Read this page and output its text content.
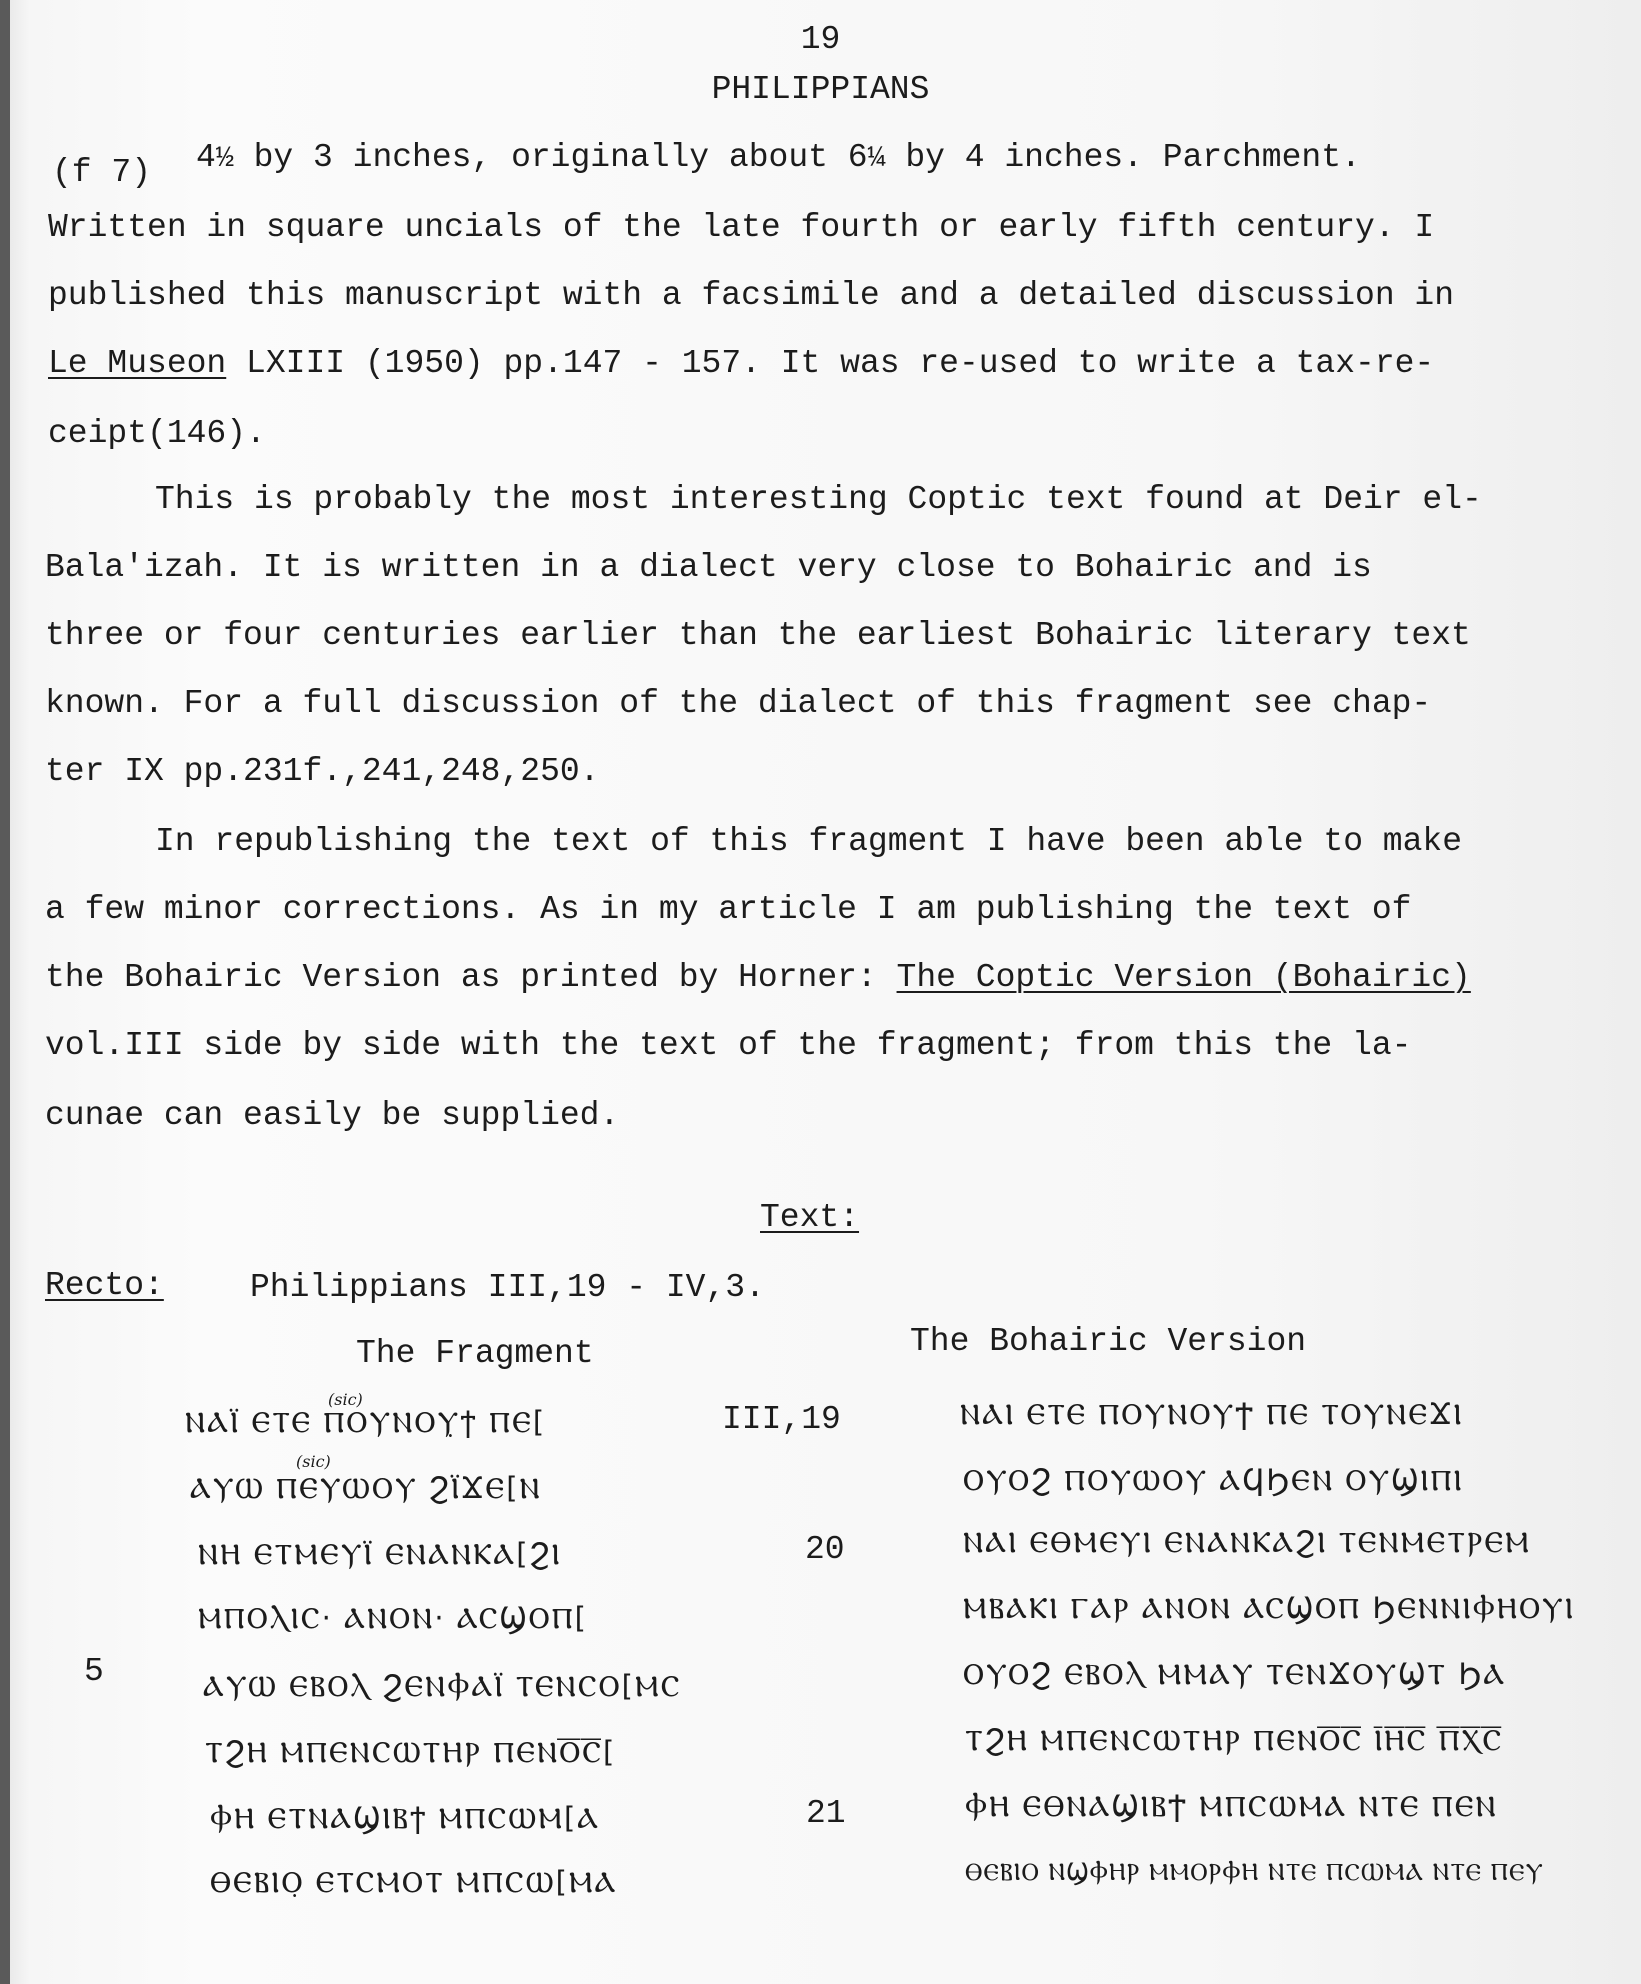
19
PHILIPPIANS
(f 7) 4½ by 3 inches, originally about 6¼ by 4 inches. Parchment.
Written in square uncials of the late fourth or early fifth century. I
published this manuscript with a facsimile and a detailed discussion in
Le Museon LXIII (1950) pp.147 - 157. It was re-used to write a tax-re-
ceipt(146).
This is probably the most interesting Coptic text found at Deir el-
Bala'izah. It is written in a dialect very close to Bohairic and is
three or four centuries earlier than the earliest Bohairic literary text
known. For a full discussion of the dialect of this fragment see chap-
ter IX pp.231f.,241,248,250.
In republishing the text of this fragment I have been able to make
a few minor corrections. As in my article I am publishing the text of
the Bohairic Version as printed by Horner: The Coptic Version (Bohairic)
vol.III side by side with the text of the fragment; from this the la-
cunae can easily be supplied.
Text:
Recto:	Philippians III,19 - IV,3.
The Fragment	The Bohairic Version
(sic)
(sic)
ⲚⲀⲒ̈ ⲈⲦⲈ ⲠⲞⲨⲚⲞⲨ̣ϯ ⲠⲈ[	III,19	ⲚⲀⲒ ⲈⲦⲈ ⲠⲞⲨⲚⲞⲨϮ ⲠⲈ ⲦⲞⲨⲚⲈϪⲒ
ⲀⲨⲰ ⲠⲈⲨⲰⲞⲨ ϨⲒ̈ϪⲈ[Ⲛ	ⲞⲨⲞϨ ⲠⲞⲨⲰⲞⲨ ⲀϤϦⲈⲚ ⲞⲨϢⲒⲠⲒ
ⲚⲎ ⲈⲦⲘⲈⲨⲒ̈ ⲈⲚⲀⲚⲔⲀ[ϨⲒ	20	ⲚⲀⲒ ⲈⲐⲘⲈⲨⲒ ⲈⲚⲀⲚⲔⲀϨⲒ ⲦⲈⲚⲘⲈⲦⲢⲈⲘ
ⲘⲠⲞⲖⲒⲤ· ⲀⲚⲞⲚ· ⲀⲤϢⲞⲠ[	ⲘⲂⲀⲔⲒ ⲄⲀⲢ ⲀⲚⲞⲚ ⲀⲤϢⲞⲠ ϦⲈⲚⲚⲒⲪⲎⲞⲨⲒ
5	ⲀⲨⲰ ⲈⲂⲞⲖ ϨⲈⲚⲪⲀⲒ̈ ⲦⲈⲚⲤⲞ[ⲘⲤ	ⲞⲨⲞϨ ⲈⲂⲞⲖ ⲘⲘⲀⲨ ⲦⲈⲚϪⲞⲨϢⲦ ϦⲀ
ⲦϨⲎ ⲘⲠⲈⲚⲤⲰⲦⲎⲢ ⲠⲈⲚⲞ̅Ⲥ̅[	ⲦϨⲎ ⲘⲠⲈⲚⲤⲰⲦⲎⲢ ⲠⲈⲚⲞ̅Ⲥ̅ Ⲓ̅Ⲏ̅Ⲥ̅ Ⲡ̅Ⲭ̅Ⲥ̅
ⲪⲎ ⲈⲦⲚⲀϢⲒⲂϯ ⲘⲠⲤⲰⲘ[Ⲁ	21	ⲪⲎ ⲈⲐⲚⲀϢⲒⲂϮ ⲘⲠⲤⲰⲘⲀ ⲚⲦⲈ ⲠⲈⲚ
ⲐⲈⲂⲒⲞ̣ ⲈⲦⲤⲘⲞⲦ ⲘⲠⲤⲰ[ⲘⲀ	ⲐⲈⲂⲒⲞ ⲚϢⲪⲎⲢ ⲘⲘⲞⲢⲪⲎ ⲚⲦⲈ ⲠⲤⲰⲘⲀ ⲚⲦⲈ ⲠⲈⲨ
